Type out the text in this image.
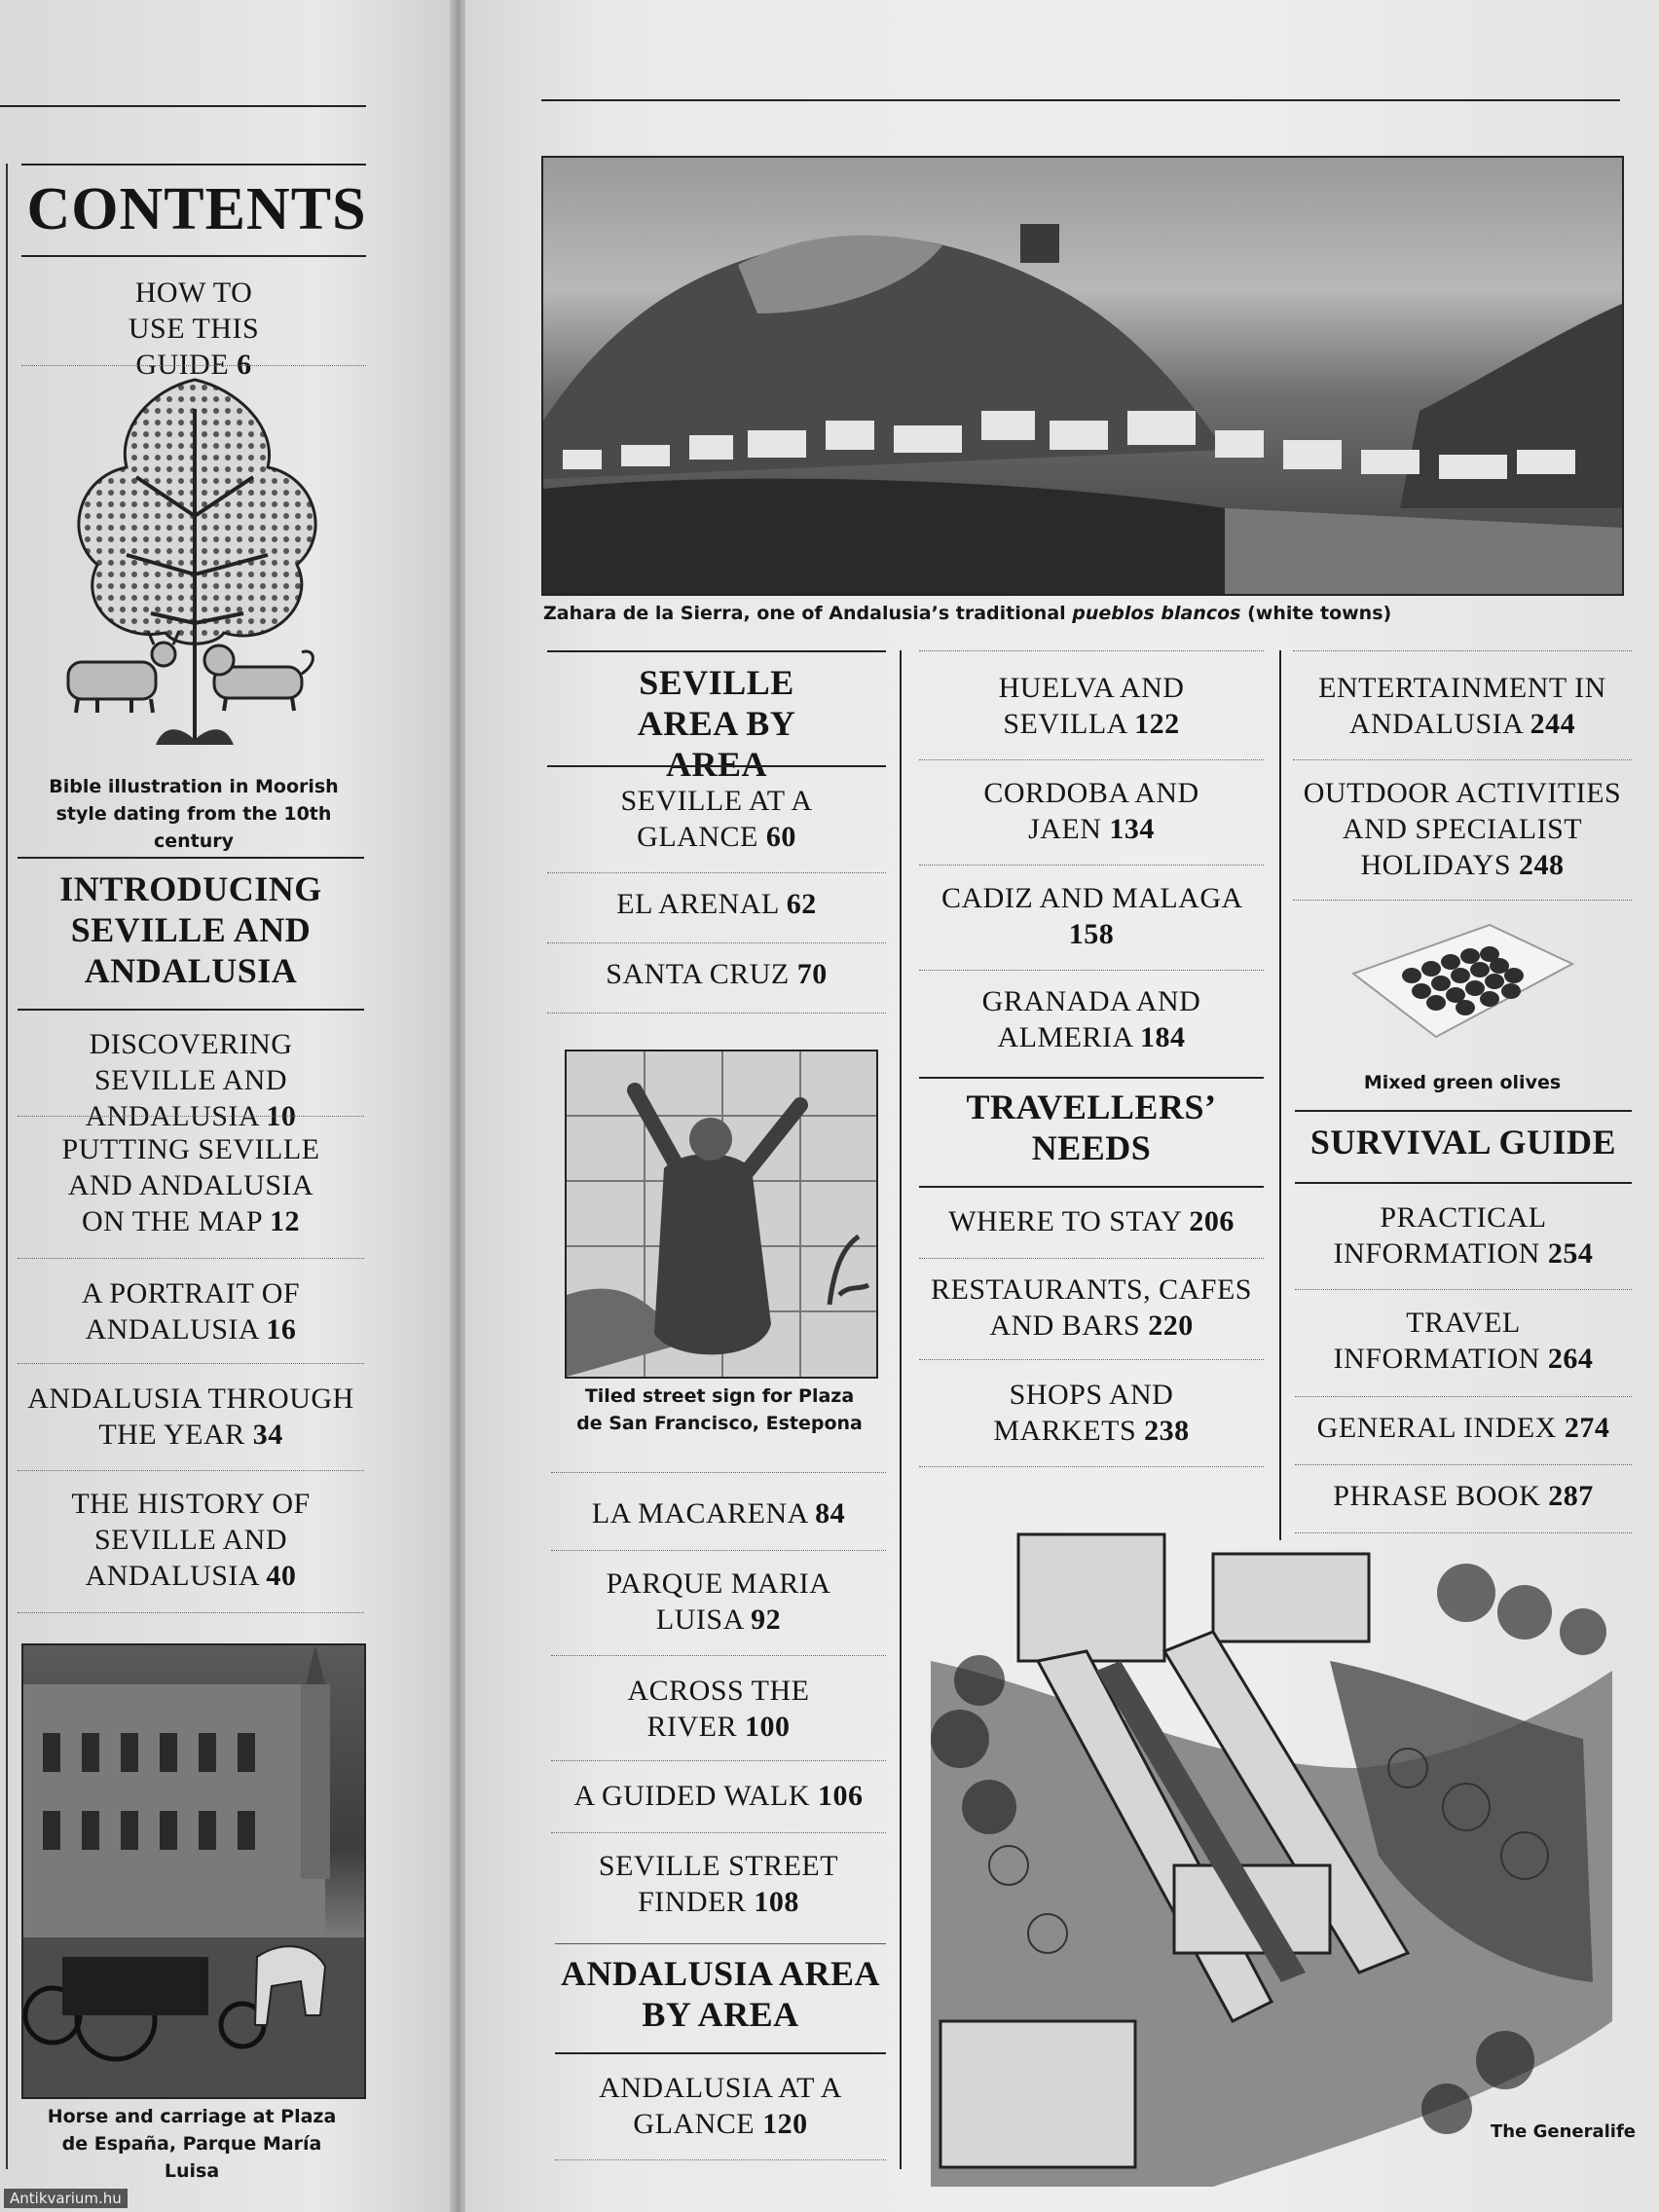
CONTENTS
HOW TO USE THIS GUIDE 6
Bible illustration in Moorish style dating from the 10th century
INTRODUCING SEVILLE AND ANDALUSIA
DISCOVERING SEVILLE AND ANDALUSIA 10
PUTTING SEVILLE AND ANDALUSIA ON THE MAP 12
A PORTRAIT OF ANDALUSIA 16
ANDALUSIA THROUGH THE YEAR 34
THE HISTORY OF SEVILLE AND ANDALUSIA 40
Horse and carriage at Plaza de España, Parque María Luisa
Zahara de la Sierra, one of Andalusia’s traditional pueblos blancos (white towns)
SEVILLE AREA BY AREA
SEVILLE AT A GLANCE 60
EL ARENAL 62
SANTA CRUZ 70
Tiled street sign for Plaza de San Francisco, Estepona
LA MACARENA 84
PARQUE MARIA LUISA 92
ACROSS THE RIVER 100
A GUIDED WALK 106
SEVILLE STREET FINDER 108
ANDALUSIA AREA BY AREA
ANDALUSIA AT A GLANCE 120
HUELVA AND SEVILLA 122
CORDOBA AND JAEN 134
CADIZ AND MALAGA 158
GRANADA AND ALMERIA 184
TRAVELLERS’ NEEDS
WHERE TO STAY 206
RESTAURANTS, CAFES AND BARS 220
SHOPS AND MARKETS 238
ENTERTAINMENT IN ANDALUSIA 244
OUTDOOR ACTIVITIES AND SPECIALIST HOLIDAYS 248
Mixed green olives
SURVIVAL GUIDE
PRACTICAL INFORMATION 254
TRAVEL INFORMATION 264
GENERAL INDEX 274
PHRASE BOOK 287
The Generalife
Antikvarium.hu
